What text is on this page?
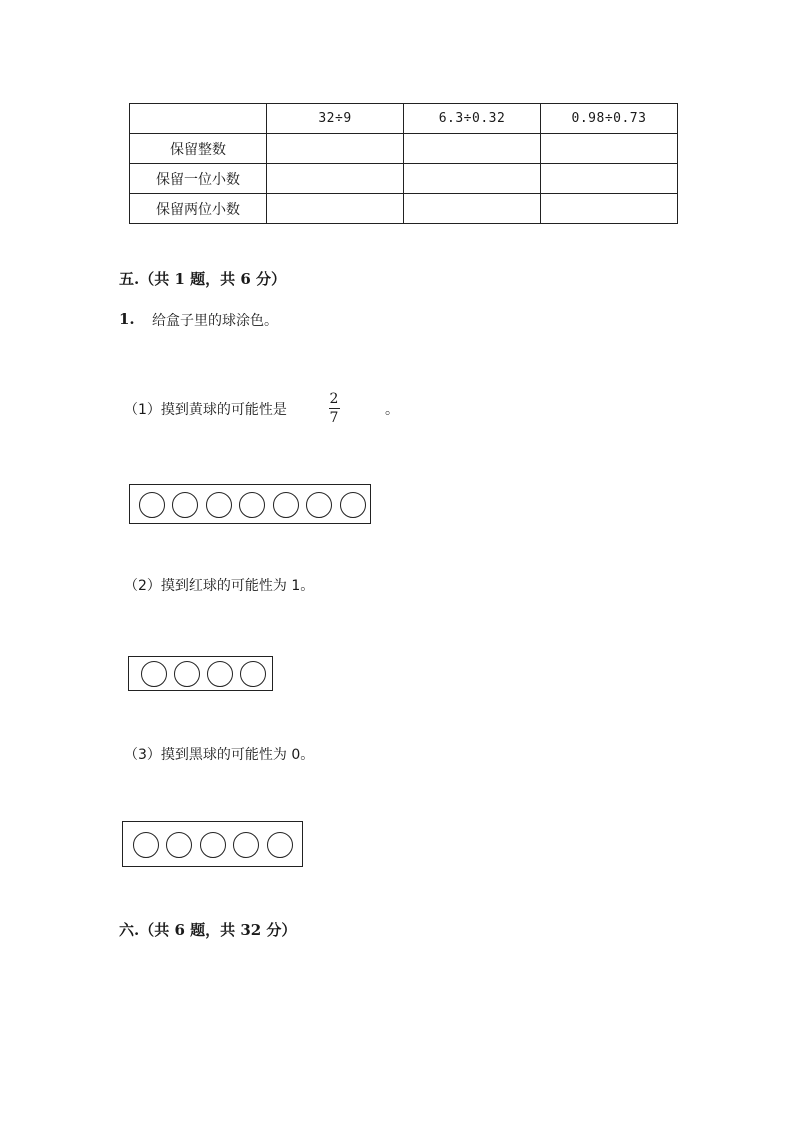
	32÷9	6.3÷0.32	0.98÷0.73
保留整数			
保留一位小数			
保留两位小数			
五.（共 1 题，共 6 分）
1. 给盒子里的球涂色。
（1）摸到黄球的可能性是
2
7	。
（2）摸到红球的可能性为 1。
（3）摸到黑球的可能性为 0。
六.（共 6 题，共 32 分）
